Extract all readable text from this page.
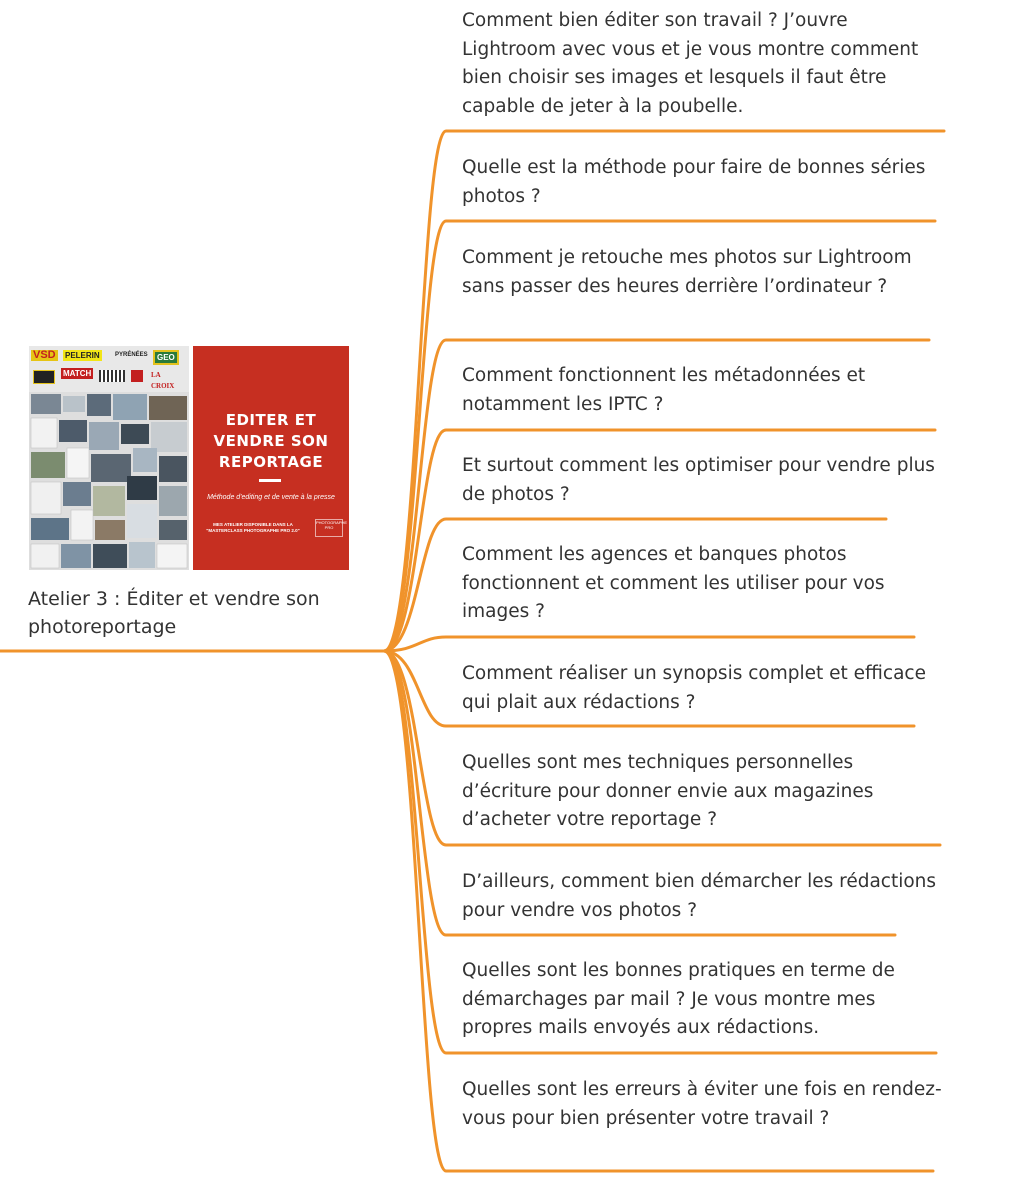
VSD PELERIN	PYRÉNÉES	GEO
MATCH	LA CROIX
EDITER ET
VENDRE SON
REPORTAGE
Méthode d'editing et de vente à la presse
MES ATELIER DISPONIBLE DANS LA "MASTERCLASS PHOTOGRAPHE PRO 2.0"
PHOTOGRAPHE PRO
Atelier 3 : Éditer et vendre son photoreportage

Comment bien éditer son travail ? J’ouvre Lightroom avec vous et je vous montre comment bien choisir ses images et lesquels il faut être capable de jeter à la poubelle.

Quelle est la méthode pour faire de bonnes séries photos ?

Comment je retouche mes photos sur Lightroom sans passer des heures derrière l’ordinateur ?

Comment fonctionnent les métadonnées et notamment les IPTC ?

Et surtout comment les optimiser pour vendre plus de photos ?

Comment les agences et banques photos fonctionnent et comment les utiliser pour vos images ?

Comment réaliser un synopsis complet et efficace qui plait aux rédactions ?

Quelles sont mes techniques personnelles d’écriture pour donner envie aux magazines d’acheter votre reportage ?

D’ailleurs, comment bien démarcher les rédactions pour vendre vos photos ?

Quelles sont les bonnes pratiques en terme de démarchages par mail ? Je vous montre mes propres mails envoyés aux rédactions.

Quelles sont les erreurs à éviter une fois en rendez-vous pour bien présenter votre travail ?
